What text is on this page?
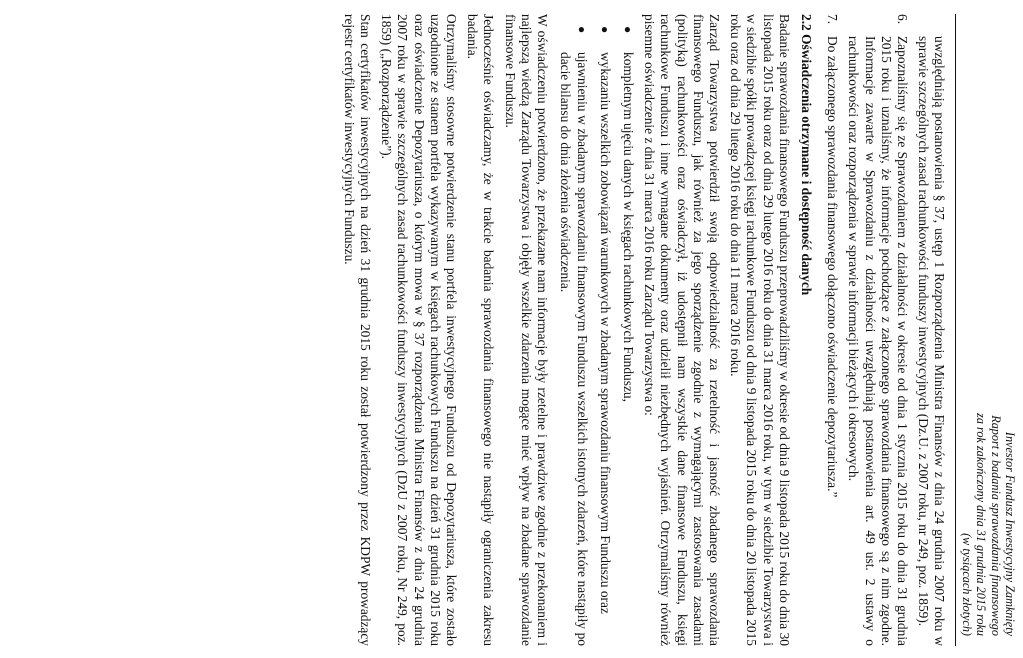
Investor Fundusz Inwestycyjny Zamknięty
Raport z badania sprawozdania finansowego
za rok zakończony dnia 31 grudnia 2015 roku
(w tysiącach złotych)

uwzględniają postanowienia § 37, ustęp 1 Rozporządzenia Ministra Finansów z dnia 24 grudnia 2007 roku w sprawie szczególnych zasad rachunkowości funduszy inwestycyjnych (Dz.U. z 2007 roku, nr 249, poz. 1859).

6.
Zapoznaliśmy się ze Sprawozdaniem z działalności w okresie od dnia 1 stycznia 2015 roku do dnia 31 grudnia 2015 roku i uznaliśmy, że informacje pochodzące z załączonego sprawozdania finansowego są z nim zgodne. Informacje zawarte w Sprawozdaniu z działalności uwzględniają postanowienia art. 49 ust. 2 ustawy o rachunkowości oraz rozporządzenia w sprawie informacji bieżących i okresowych.
7.
Do załączonego sprawozdania finansowego dołączono oświadczenie depozytariusza.”
2.2 Oświadczenia otrzymane i dostępność danych

Badanie sprawozdania finansowego Funduszu przeprowadziliśmy w okresie od dnia 9 listopada 2015 roku do dnia 30 listopada 2015 roku oraz od dnia 29 lutego 2016 roku do dnia 31 marca 2016 roku, w tym w siedzibie Towarzystwa i w siedzibie spółki prowadzącej księgi rachunkowe Funduszu od dnia 9 listopada 2015 roku do dnia 20 listopada 2015 roku oraz od dnia 29 lutego 2016 roku do dnia 11 marca 2016 roku.

Zarząd Towarzystwa potwierdził swoją odpowiedzialność za rzetelność i jasność zbadanego sprawozdania finansowego Funduszu, jak również za jego sporządzenie zgodnie z wymagającymi zastosowania zasadami (polityką) rachunkowości oraz oświadczył, iż udostępnił nam wszystkie dane finansowe Funduszu, księgi rachunkowe Funduszu i inne wymagane dokumenty oraz udzielił niezbędnych wyjaśnień. Otrzymaliśmy również pisemne oświadczenie z dnia 31 marca 2016 roku Zarządu Towarzystwa o:

●
kompletnym ujęciu danych w księgach rachunkowych Funduszu,
●
wykazaniu wszelkich zobowiązań warunkowych w zbadanym sprawozdaniu finansowym Funduszu oraz
●
ujawnieniu w zbadanym sprawozdaniu finansowym Funduszu wszelkich istotnych zdarzeń, które nastąpiły po dacie bilansu do dnia złożenia oświadczenia.

W oświadczeniu potwierdzono, że przekazane nam informacje były rzetelne i prawdziwe zgodnie z przekonaniem i najlepszą wiedzą Zarządu Towarzystwa i objęły wszelkie zdarzenia mogące mieć wpływ na zbadane sprawozdanie finansowe Funduszu.

Jednocześnie oświadczamy, że w trakcie badania sprawozdania finansowego nie nastąpiły ograniczenia zakresu badania.

Otrzymaliśmy stosowne potwierdzenie stanu portfela inwestycyjnego Funduszu od Depozytariusza, które zostało uzgodnione ze stanem portfela wykazywanym w księgach rachunkowych Funduszu na dzień 31 grudnia 2015 roku oraz oświadczenie Depozytariusza, o którym mowa w § 37 rozporządzenia Ministra Finansów z dnia 24 grudnia 2007 roku w sprawie szczególnych zasad rachunkowości funduszy inwestycyjnych (DzU z 2007 roku, Nr 249, poz. 1859) („Rozporządzenie”).

Stan certyfikatów inwestycyjnych na dzień 31 grudnia 2015 roku został potwierdzony przez KDPW prowadzący rejestr certyfikatów inwestycyjnych Funduszu.
